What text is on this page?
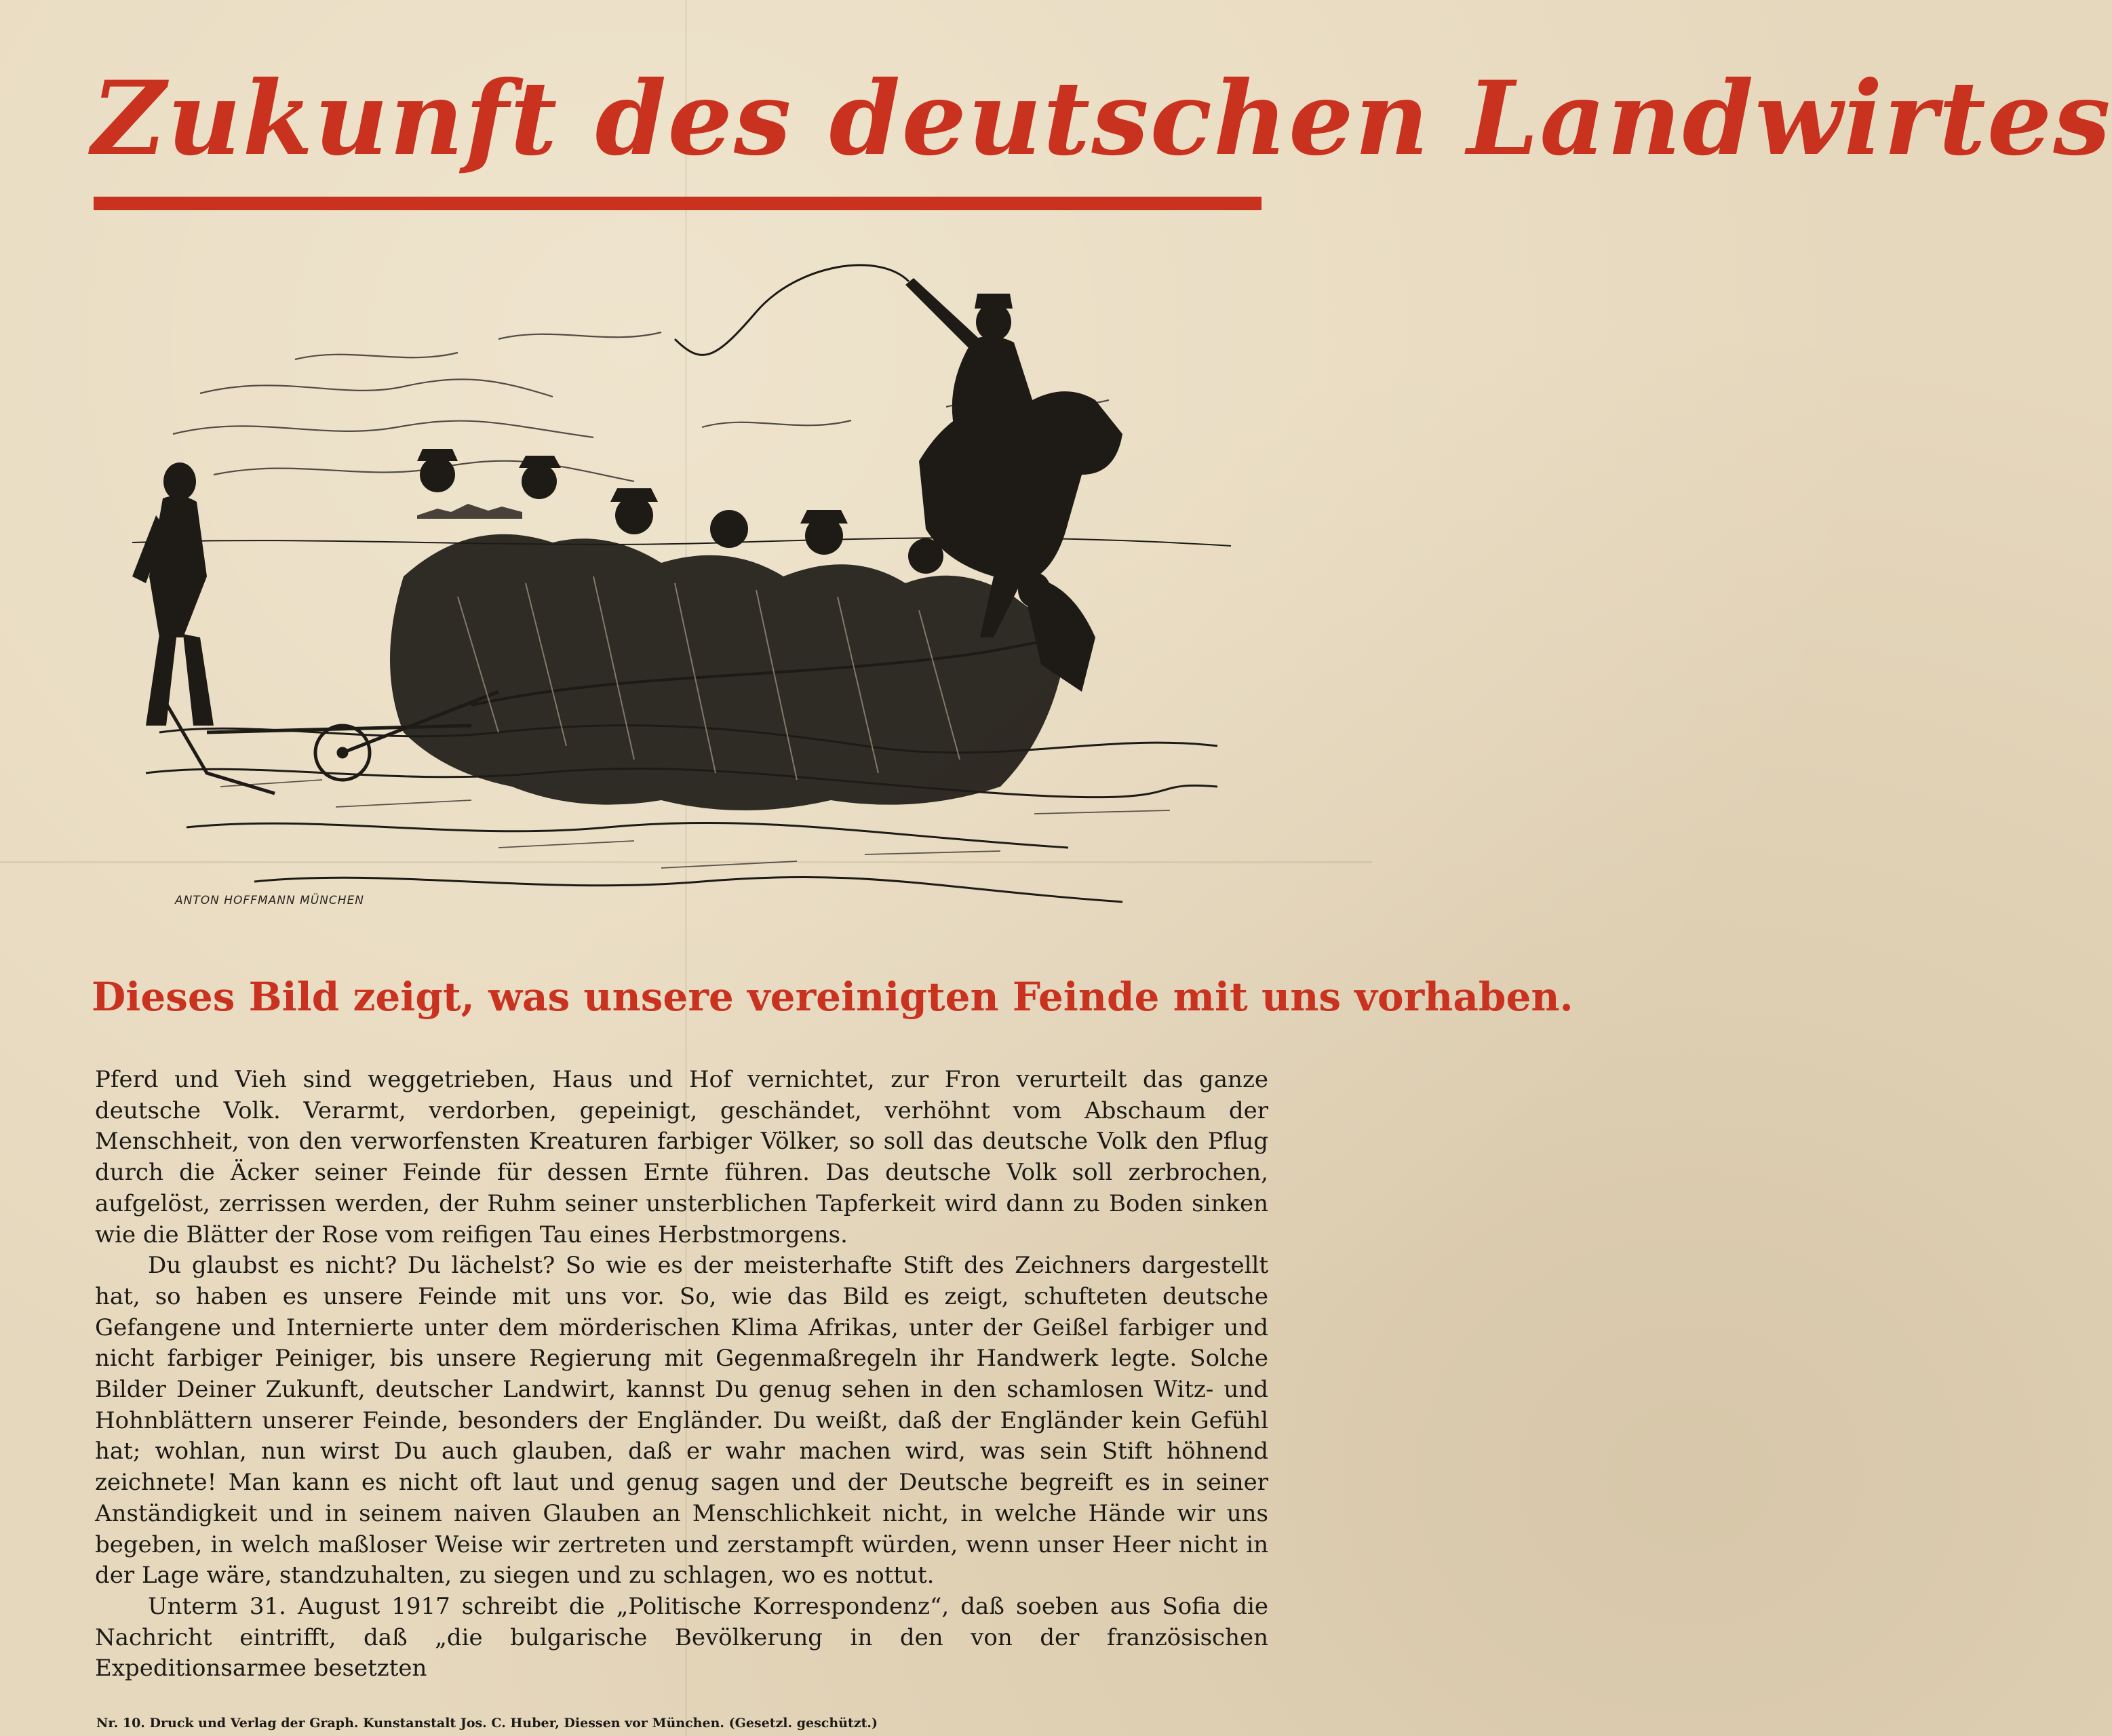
Zukunft des deutschen Landwirtes
ANTON HOFFMANN MÜNCHEN
Dieses Bild zeigt, was unsere vereinigten Feinde mit uns vorhaben.

Pferd und Vieh sind weggetrieben, Haus und Hof vernichtet, zur Fron verurteilt das ganze deutsche Volk. Verarmt, verdorben, gepeinigt, geschändet, verhöhnt vom Abschaum der Menschheit, von den verworfensten Kreaturen farbiger Völker, so soll das deutsche Volk den Pflug durch die Äcker seiner Feinde für dessen Ernte führen. Das deutsche Volk soll zerbrochen, aufgelöst, zerrissen werden, der Ruhm seiner unsterblichen Tapferkeit wird dann zu Boden sinken wie die Blätter der Rose vom reifigen Tau eines Herbstmorgens.

Du glaubst es nicht? Du lächelst? So wie es der meisterhafte Stift des Zeichners dargestellt hat, so haben es unsere Feinde mit uns vor. So, wie das Bild es zeigt, schufteten deutsche Gefangene und Internierte unter dem mörderischen Klima Afrikas, unter der Geißel farbiger und nicht farbiger Peiniger, bis unsere Regierung mit Gegenmaßregeln ihr Handwerk legte. Solche Bilder Deiner Zukunft, deutscher Landwirt, kannst Du genug sehen in den schamlosen Witz- und Hohnblättern unserer Feinde, besonders der Engländer. Du weißt, daß der Engländer kein Gefühl hat; wohlan, nun wirst Du auch glauben, daß er wahr machen wird, was sein Stift höhnend zeichnete! Man kann es nicht oft laut und genug sagen und der Deutsche begreift es in seiner Anständigkeit und in seinem naiven Glauben an Menschlichkeit nicht, in welche Hände wir uns begeben, in welch maßloser Weise wir zertreten und zerstampft würden, wenn unser Heer nicht in der Lage wäre, standzuhalten, zu siegen und zu schlagen, wo es nottut.

Unterm 31. August 1917 schreibt die „Politische Korrespondenz“, daß soeben aus Sofia die Nachricht eintrifft, daß „die bulgarische Bevölkerung in den von der französischen Expeditionsarmee besetzten

Nr. 10. Druck und Verlag der Graph. Kunstanstalt Jos. C. Huber, Diessen vor München. (Gesetzl. geschützt.)
